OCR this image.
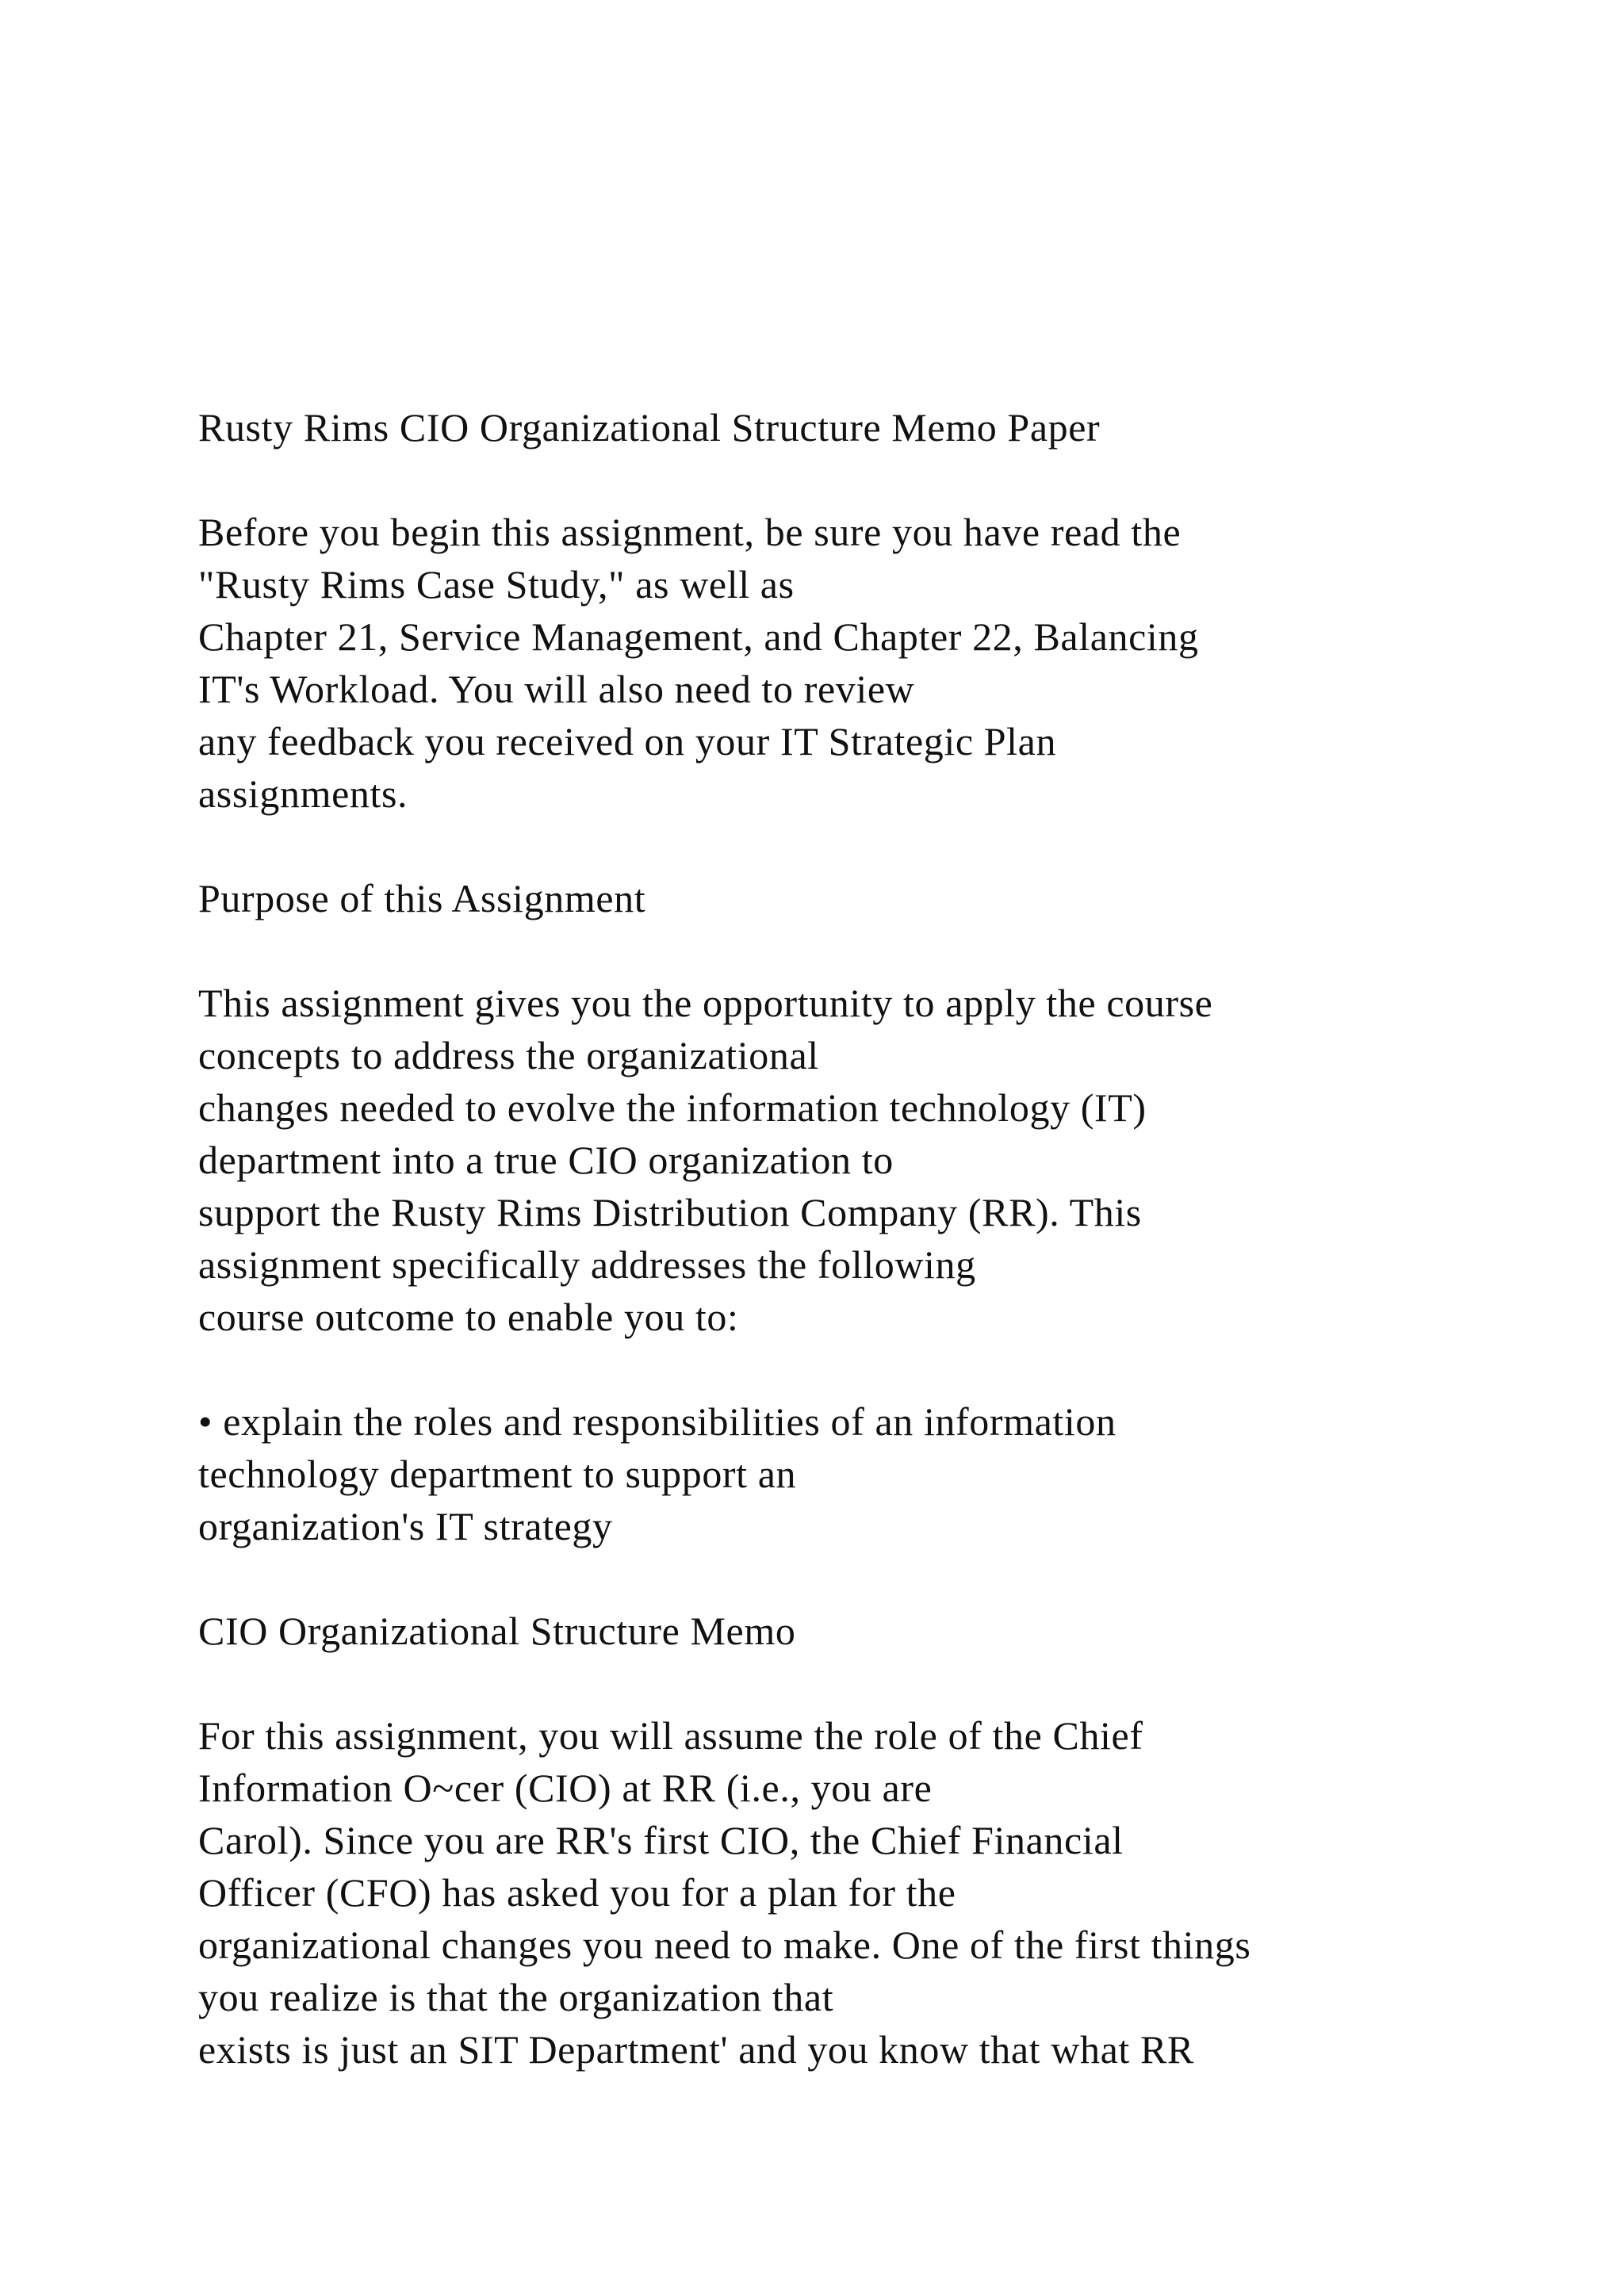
Rusty Rims CIO Organizational Structure Memo Paper
Before you begin this assignment, be sure you have read the
"Rusty Rims Case Study," as well as
Chapter 21, Service Management, and Chapter 22, Balancing
IT's Workload. You will also need to review
any feedback you received on your IT Strategic Plan
assignments.
Purpose of this Assignment
This assignment gives you the opportunity to apply the course
concepts to address the organizational
changes needed to evolve the information technology (IT)
department into a true CIO organization to
support the Rusty Rims Distribution Company (RR). This
assignment specifically addresses the following
course outcome to enable you to:
• explain the roles and responsibilities of an information
technology department to support an
organization's IT strategy
CIO Organizational Structure Memo
For this assignment, you will assume the role of the Chief
Information O~cer (CIO) at RR (i.e., you are
Carol). Since you are RR's first CIO, the Chief Financial
Officer (CFO) has asked you for a plan for the
organizational changes you need to make. One of the first things
you realize is that the organization that
exists is just an SIT Department' and you know that what RR
